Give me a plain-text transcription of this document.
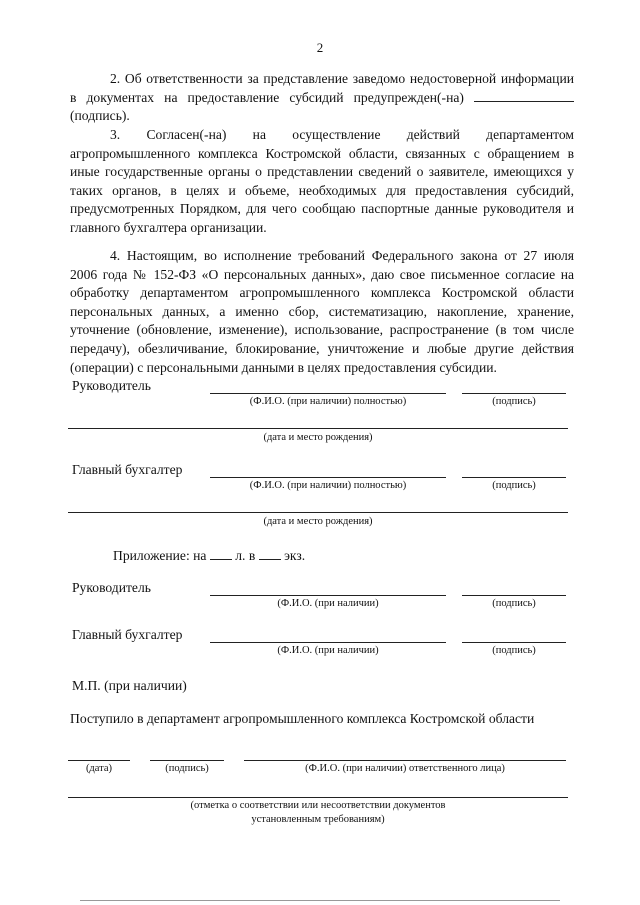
2

2. Об ответственности за представление заведомо недостоверной информации в документах на предоставление субсидий предупрежден(-на)  (подпись).

3. Согласен(-на) на осуществление действий департаментом агропромышленного комплекса Костромской области, связанных с обращением в иные государственные органы о представлении сведений о заявителе, имеющихся у таких органов, в целях и объеме, необходимых для предоставления субсидий, предусмотренных Порядком, для чего сообщаю паспортные данные руководителя и главного бухгалтера организации.

4. Настоящим, во исполнение требований Федерального закона от 27 июля 2006 года № 152-ФЗ «О персональных данных», даю свое письменное согласие на обработку департаментом агропромышленного комплекса Костромской области персональных данных, а именно сбор, систематизацию, накопление, хранение, уточнение (обновление, изменение), использование, распространение (в том числе передачу), обезличивание, блокирование, уничтожение и любые другие действия (операции) с персональными данными в целях предоставления субсидии.

Руководитель
(Ф.И.О. (при наличии) полностью)	(подпись)
(дата и место рождения)
Главный бухгалтер
(Ф.И.О. (при наличии) полностью)	(подпись)
(дата и место рождения)
Приложение: на л. в экз.
Руководитель
(Ф.И.О. (при наличии)	(подпись)
Главный бухгалтер
(Ф.И.О. (при наличии)	(подпись)
М.П. (при наличии)

Поступило в департамент агропромышленного комплекса Костромской области

(дата)	(подпись)	(Ф.И.О. (при наличии) ответственного лица)
(отметка о соответствии или несоответствии документов
установленным требованиям)
